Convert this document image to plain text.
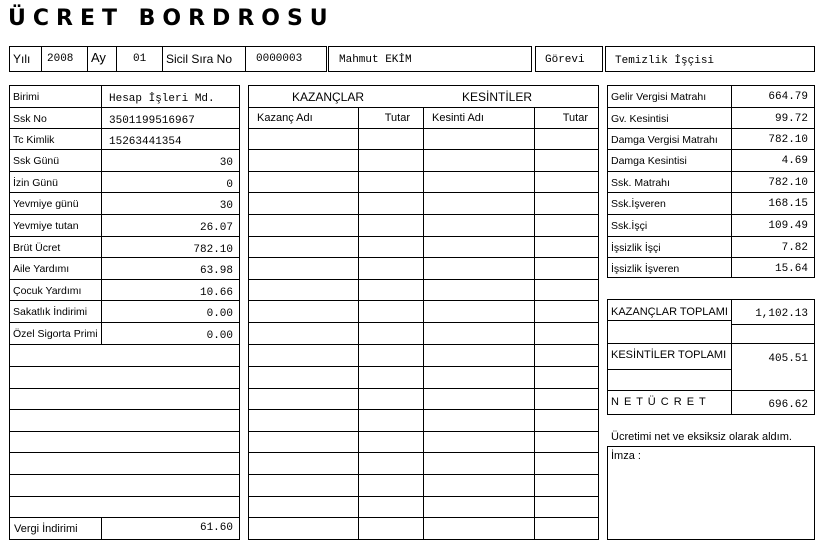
ÜCRET BORDROSU
Yılı 2008 Ay 01 Sicil Sıra No 0000003	Mahmut EKİM	Görevi	Temizlik İşçisi
Birimi	Hesap İşleri Md.
Ssk No	3501199516967
Tc Kimlik	15263441354
Ssk Günü	30
İzin Günü	0
Yevmiye günü	30
Yevmiye tutan	26.07
Brüt Ücret	782.10
Aile Yardımı	63.98
Çocuk Yardımı	10.66
Sakatlık İndirimi	0.00
Özel Sigorta Primi	0.00
Vergi İndirimi	61.60
KAZANÇLAR	KESİNTİLER
Kazanç Adı	Tutar Kesinti Adı	Tutar
Gelir Vergisi Matrahı	664.79
Gv. Kesintisi	99.72
Damga Vergisi Matrahı	782.10
Damga Kesintisi	4.69
Ssk. Matrahı	782.10
Ssk.İşveren	168.15
Ssk.İşçi	109.49
İşsizlik İşçi	7.82
İşsizlik İşveren	15.64
KAZANÇLAR TOPLAMI	1,102.13
KESİNTİLER TOPLAMI	405.51
N E T Ü C R E T	696.62
Ücretimi net ve eksiksiz olarak aldım.
İmza :
